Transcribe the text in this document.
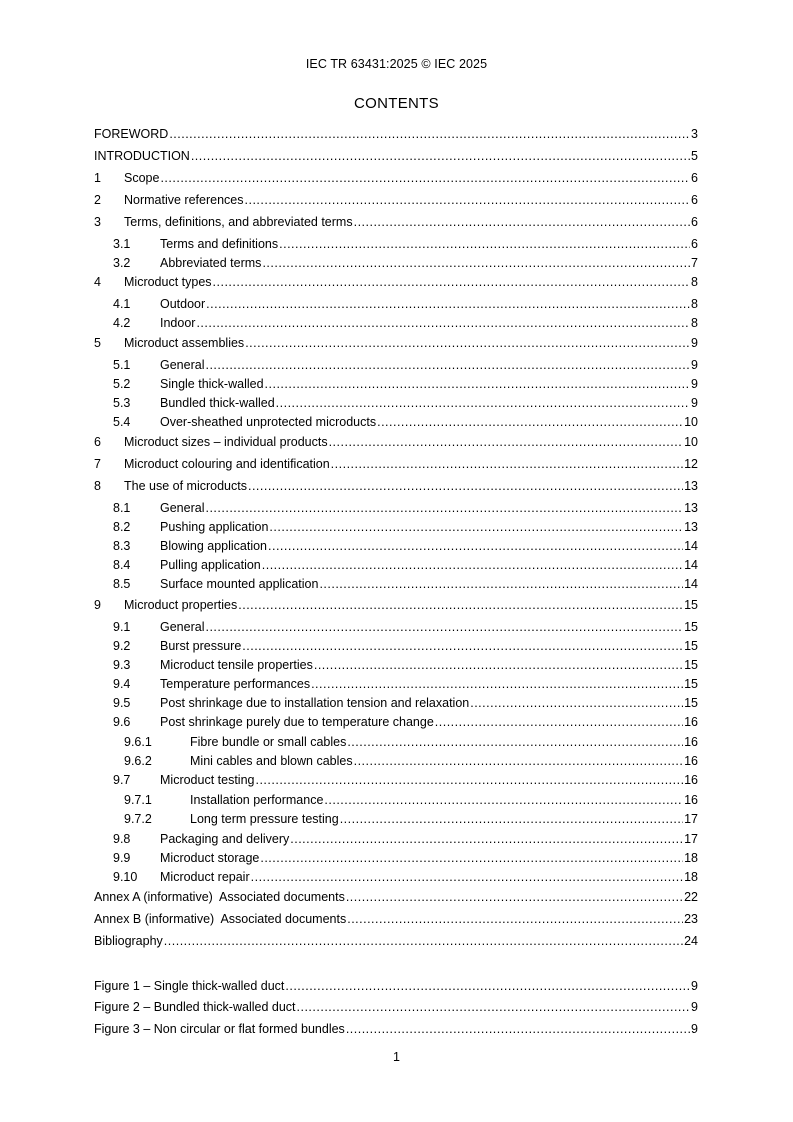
IEC TR 63431:2025 © IEC 2025
CONTENTS
FOREWORD .....	3
INTRODUCTION .....	5
1	Scope .....	6
2	Normative references .....	6
3	Terms, definitions, and abbreviated terms .....	6
3.1	Terms and definitions .....	6
3.2	Abbreviated terms .....	7
4	Microduct types .....	8
4.1	Outdoor .....	8
4.2	Indoor .....	8
5	Microduct assemblies .....	9
5.1	General .....	9
5.2	Single thick-walled .....	9
5.3	Bundled thick-walled .....	9
5.4	Over-sheathed unprotected microducts .....	10
6	Microduct sizes – individual products .....	10
7	Microduct colouring and identification .....	12
8	The use of microducts .....	13
8.1	General .....	13
8.2	Pushing application .....	13
8.3	Blowing application .....	14
8.4	Pulling application .....	14
8.5	Surface mounted application .....	14
9	Microduct properties .....	15
9.1	General .....	15
9.2	Burst pressure .....	15
9.3	Microduct tensile properties .....	15
9.4	Temperature performances .....	15
9.5	Post shrinkage due to installation tension and relaxation .....	15
9.6	Post shrinkage purely due to temperature change .....	16
9.6.1	Fibre bundle or small cables .....	16
9.6.2	Mini cables and blown cables .....	16
9.7	Microduct testing .....	16
9.7.1	Installation performance .....	16
9.7.2	Long term pressure testing .....	17
9.8	Packaging and delivery .....	17
9.9	Microduct storage .....	18
9.10	Microduct repair .....	18
Annex A (informative)  Associated documents .....	22
Annex B (informative)  Associated documents .....	23
Bibliography .....	24
Figure 1 – Single thick-walled duct .....	9
Figure 2 – Bundled thick-walled duct .....	9
Figure 3 – Non circular or flat formed bundles .....	9
1
